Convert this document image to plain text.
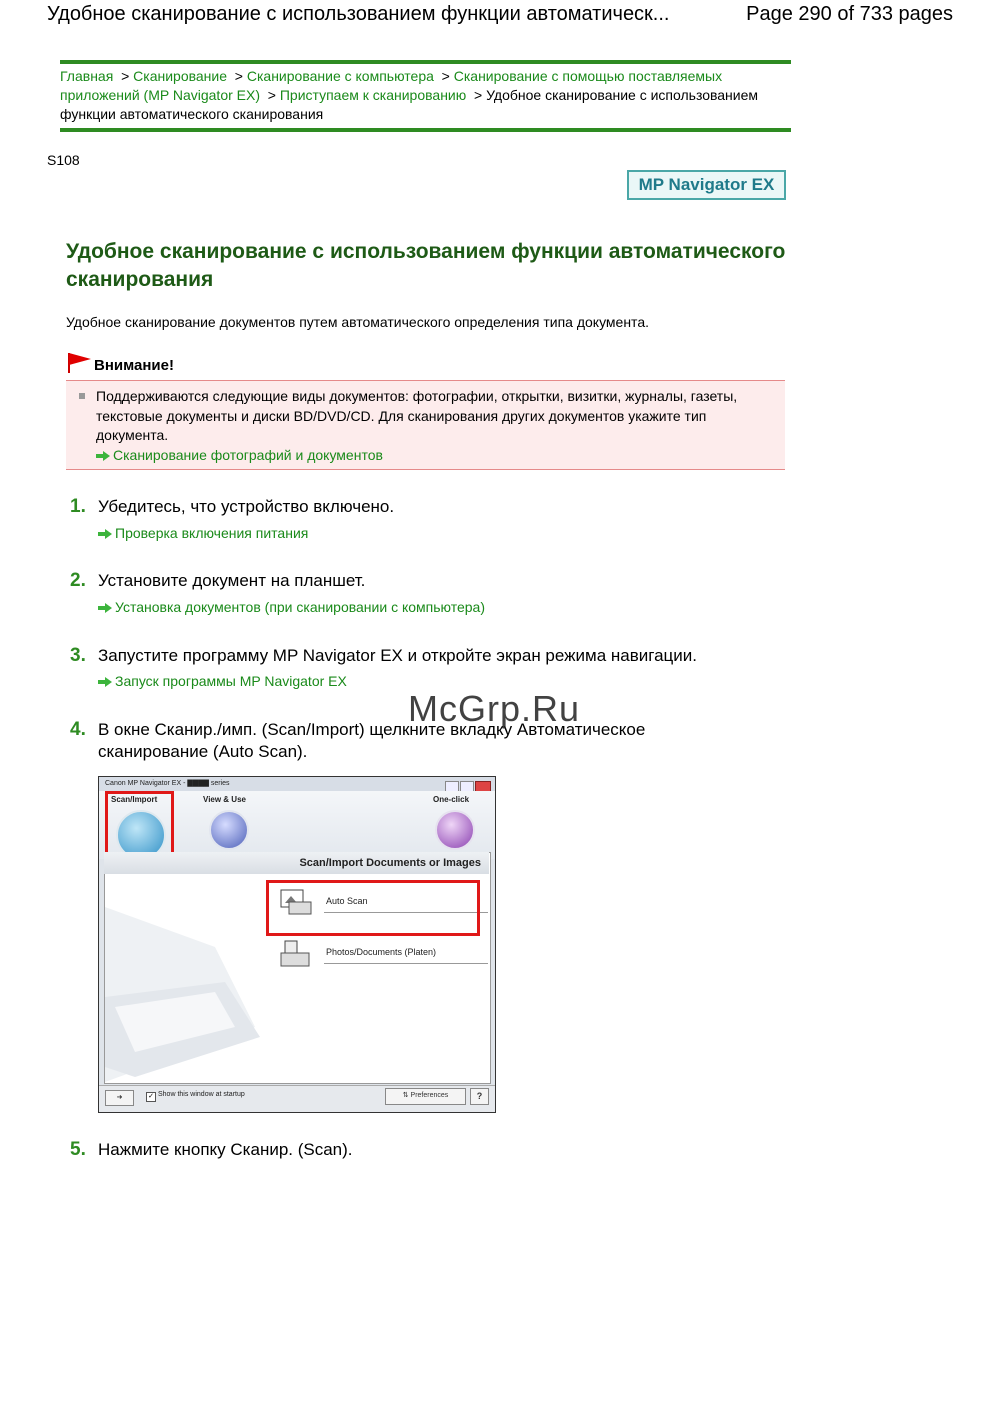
Удобное сканирование с использованием функции автоматическ...	Page 290 of 733 pages
Главная  > Сканирование  > Сканирование с компьютера  > Сканирование с помощью поставляемых приложений (MP Navigator EX)  > Приступаем к сканированию  > Удобное сканирование с использованием функции автоматического сканирования
S108
MP Navigator EX
Удобное сканирование с использованием функции автоматического сканирования
Удобное сканирование документов путем автоматического определения типа документа.
Внимание!
Поддерживаются следующие виды документов: фотографии, открытки, визитки, журналы, газеты, текстовые документы и диски BD/DVD/CD. Для сканирования других документов укажите тип документа.
Сканирование фотографий и документов
1. Убедитесь, что устройство включено.
Проверка включения питания
2. Установите документ на планшет.
Установка документов (при сканировании с компьютера)
3. Запустите программу MP Navigator EX и откройте экран режима навигации.
Запуск программы MP Navigator EX
4. В окне Сканир./имп. (Scan/Import) щелкните вкладку Автоматическое сканирование (Auto Scan).
McGrp.Ru
Canon MP Navigator EX - ▇▇▇▇ series
Scan/Import	View & Use	One-click
Scan/Import Documents or Images
Auto Scan
Photos/Documents (Platen)
➜	✓ Show this window at startup	⇅ Preferences	?
5. Нажмите кнопку Сканир. (Scan).
